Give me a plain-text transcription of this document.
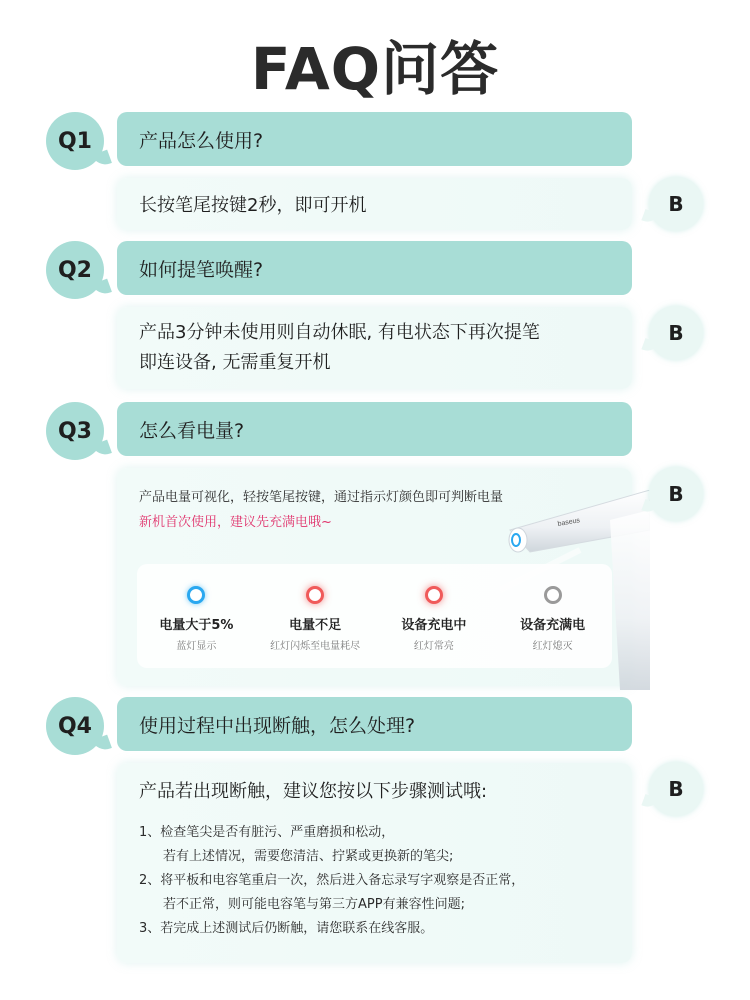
FAQ问答
Q1	产品怎么使用?
长按笔尾按键2秒，即可开机	B
Q2	如何提笔唤醒?
产品3分钟未使用则自动休眠, 有电状态下再次提笔
即连设备, 无需重复开机
B
Q3	怎么看电量?
产品电量可视化，轻按笔尾按键，通过指示灯颜色即可判断电量
新机首次使用，建议先充满电哦~
电量大于5%
蓝灯显示
电量不足
红灯闪烁至电量耗尽
设备充电中
红灯常亮
设备充满电
红灯熄灭
baseus
B
Q4	使用过程中出现断触，怎么处理?
产品若出现断触，建议您按以下步骤测试哦:
1、检查笔尖是否有脏污、严重磨损和松动，
若有上述情况，需要您清洁、拧紧或更换新的笔尖;
2、将平板和电容笔重启一次，然后进入备忘录写字观察是否正常，
若不正常，则可能电容笔与第三方APP有兼容性问题;
3、若完成上述测试后仍断触，请您联系在线客服。
B
